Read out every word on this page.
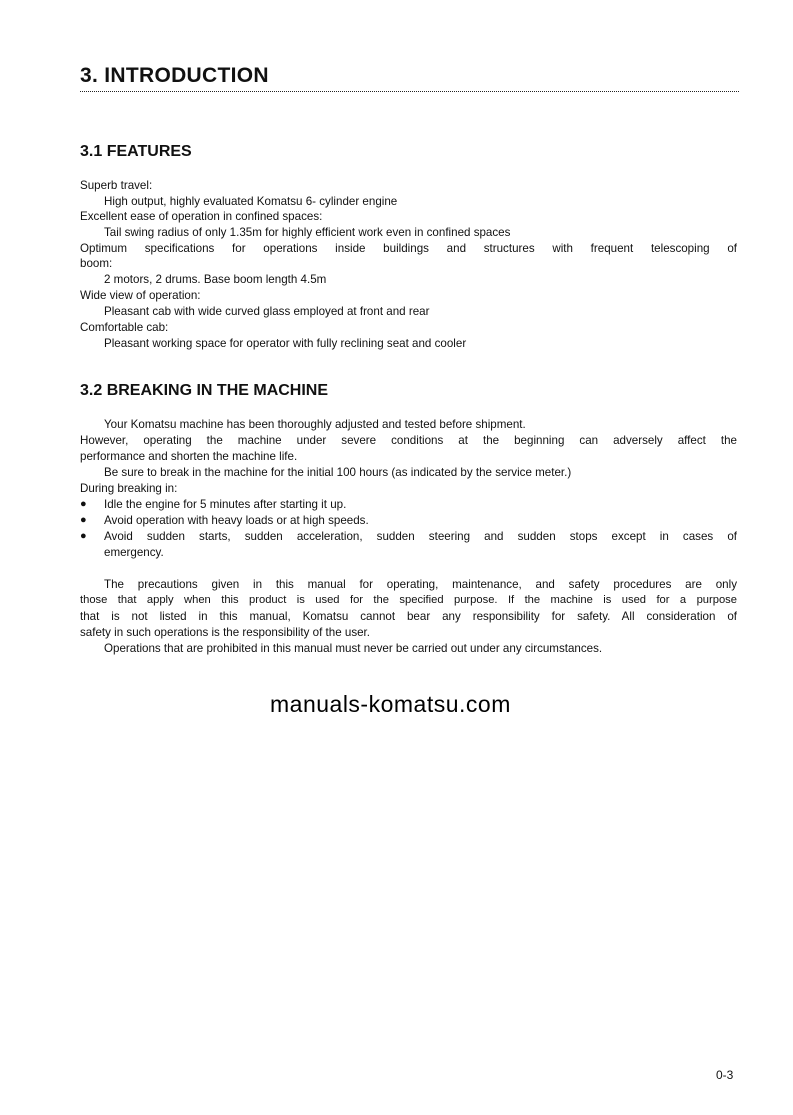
3. INTRODUCTION
3.1 FEATURES
Superb travel:
High output, highly evaluated Komatsu 6- cylinder engine
Excellent ease of operation in confined spaces:
Tail swing radius of only 1.35m for highly efficient work even in confined spaces
Optimum specifications for operations inside buildings and structures with frequent telescoping of
boom:
2 motors, 2 drums. Base boom length 4.5m
Wide view of operation:
Pleasant cab with wide curved glass employed at front and rear
Comfortable cab:
Pleasant working space for operator with fully reclining seat and cooler
3.2 BREAKING IN THE MACHINE
Your Komatsu machine has been thoroughly adjusted and tested before shipment.
However, operating the machine under severe conditions at the beginning can adversely affect the
performance and shorten the machine life.
Be sure to break in the machine for the initial 100 hours (as indicated by the service meter.)
During breaking in:
● Idle the engine for 5 minutes after starting it up.
● Avoid operation with heavy loads or at high speeds.
● Avoid sudden starts, sudden acceleration, sudden steering and sudden stops except in cases of
emergency.
The precautions given in this manual for operating, maintenance, and safety procedures are only
those that apply when this product is used for the specified purpose. If the machine is used for a purpose
that is not listed in this manual, Komatsu cannot bear any responsibility for safety. All consideration of
safety in such operations is the responsibility of the user.
Operations that are prohibited in this manual must never be carried out under any circumstances.
manuals-komatsu.com
0-3
